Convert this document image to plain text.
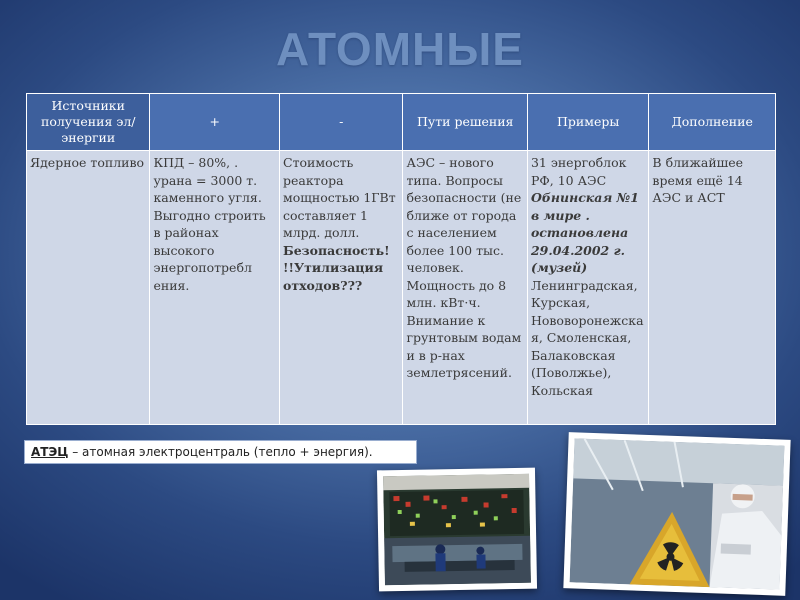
АТОМНЫЕ
Источники получения эл/энергии	+	-	Пути решения	Примеры	Дополнение
Ядерное топливо	КПД – 80%, . урана = 3000 т. каменного угля. Выгодно строить в районах высокого энергопотребл ения.	Стоимость реактора мощностью 1ГВт составляет 1 млрд. долл. Безопасность! !!Утилизация отходов???	АЭС – нового типа. Вопросы безопасности (не ближе от города с населением более 100 тыс. человек. Мощность до 8 млн. кВт·ч. Внимание к грунтовым водам и в р-нах землетрясений.	31 энергоблок РФ, 10 АЭС Обнинская №1 в мире . остановлена 29.04.2002 г.(музей) Ленинградская, Курская, Нововоронежская, Смоленская, Балаковская (Поволжье), Кольская	В ближайшее время ещё 14 АЭС и АСТ
АТЭЦ – атомная электроцентраль (тепло + энергия).
